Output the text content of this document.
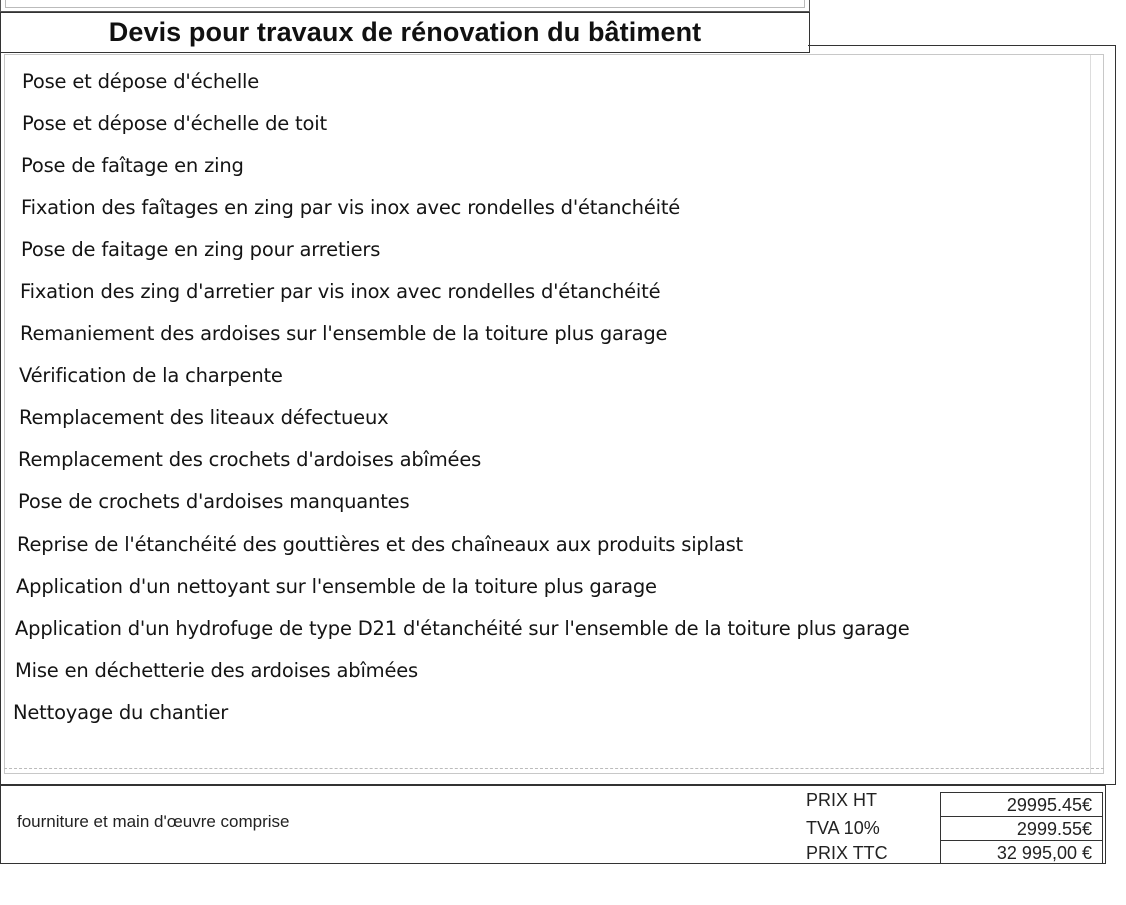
Devis pour travaux de rénovation du bâtiment
Pose et dépose d'échelle
Pose et dépose d'échelle de toit
Pose de faîtage en zing
Fixation des faîtages en zing par vis inox avec rondelles d'étanchéité
Pose de faitage en zing pour arretiers
Fixation des zing d'arretier par vis inox avec rondelles d'étanchéité
Remaniement des ardoises sur l'ensemble de la toiture plus garage
Vérification de la charpente
Remplacement des liteaux défectueux
Remplacement des crochets d'ardoises abîmées
Pose de crochets d'ardoises manquantes
Reprise de l'étanchéité des gouttières et des chaîneaux aux produits siplast
Application d'un nettoyant sur l'ensemble de la toiture plus garage
Application d'un hydrofuge de type D21 d'étanchéité sur l'ensemble de la toiture plus garage
Mise en déchetterie des ardoises abîmées
Nettoyage du chantier
fourniture et main d'œuvre comprise
PRIX HT
TVA 10%
PRIX TTC
29995.45€
2999.55€
32 995,00 €
